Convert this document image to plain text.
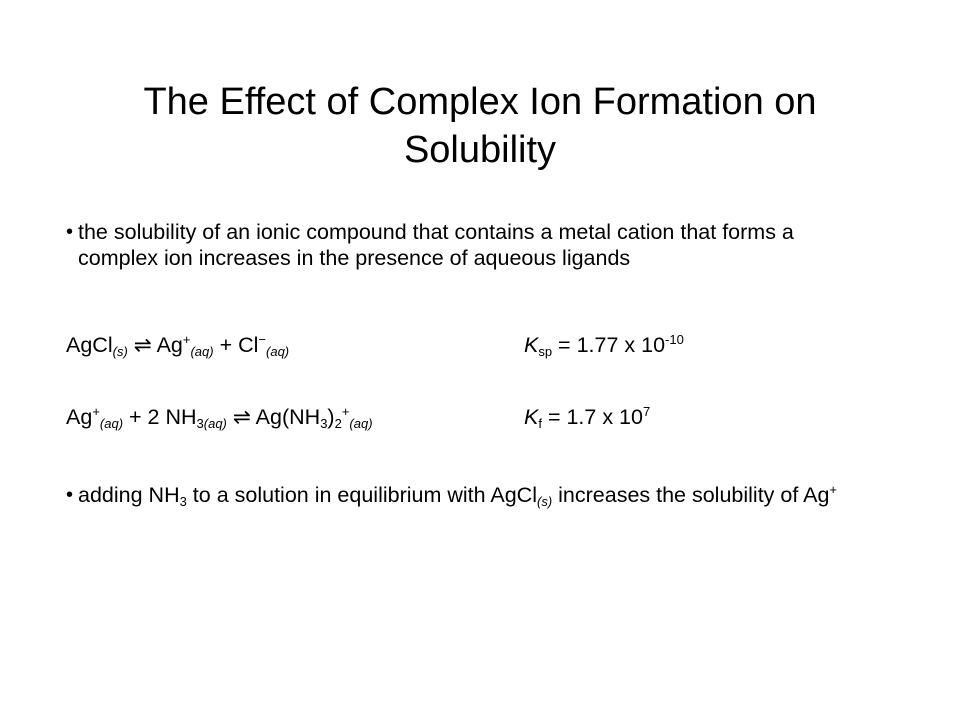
The Effect of Complex Ion Formation on Solubility
• the solubility of an ionic compound that contains a metal cation that forms a complex ion increases in the presence of aqueous ligands
AgCl$_{(s)}$ ⇌ $Ag^+_{(aq)} + Cl^-_{(aq)}$	$K_{sp} = 1.77$ x $10^{-10}$
$Ag^+_{(aq)} + 2$ $NH_{3(aq)}$ ⇌ $Ag(NH_3)_2^+_{(aq)}$	$K_f = 1.7$ x $10^7$
• adding $NH_3$ to a solution in equilibrium with AgCl$_{(s)}$ increases the solubility of Ag+
